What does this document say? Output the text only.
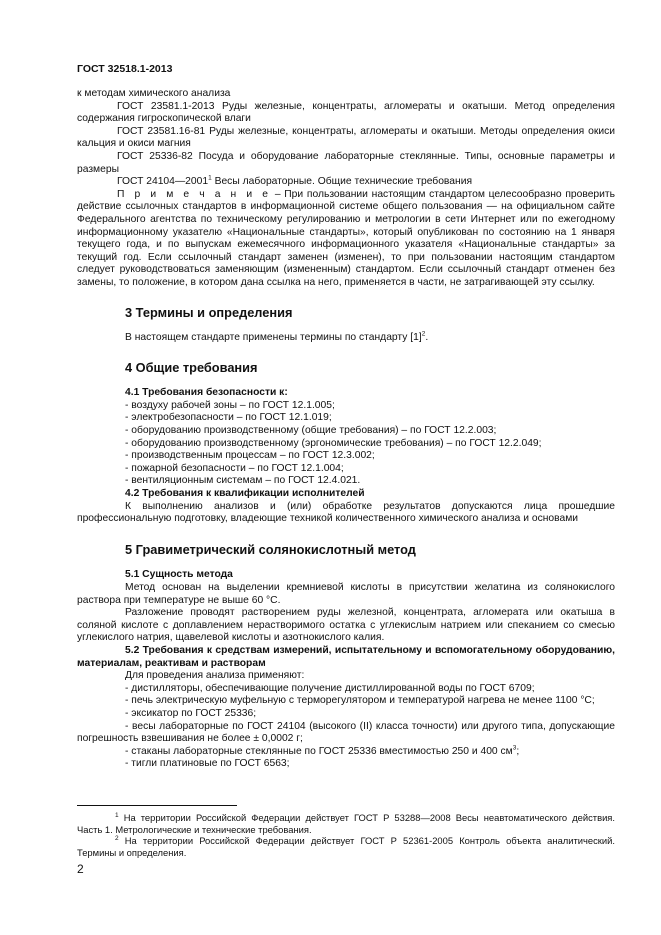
ГОСТ 32518.1-2013

к методам химического анализа

ГОСТ 23581.1-2013 Руды железные, концентраты, агломераты и окатыши. Метод определения содержания гигроскопической влаги

ГОСТ 23581.16-81 Руды железные, концентраты, агломераты и окатыши. Методы определения окиси кальция и окиси магния

ГОСТ 25336-82 Посуда и оборудование лабораторные стеклянные. Типы, основные параметры и размеры

ГОСТ 24104—2001$^1$ Весы лабораторные. Общие технические требования

П р и м е ч а н и е – При пользовании настоящим стандартом целесообразно проверить действие ссылочных стандартов в информационной системе общего пользования — на официальном сайте Федерального агентства по техническому регулированию и метрологии в сети Интернет или по ежегодному информационному указателю «Национальные стандарты», который опубликован по состоянию на 1 января текущего года, и по выпускам ежемесячного информационного указателя «Национальные стандарты» за текущий год. Если ссылочный стандарт заменен (изменен), то при пользовании настоящим стандартом следует руководствоваться заменяющим (измененным) стандартом. Если ссылочный стандарт отменен без замены, то положение, в котором дана ссылка на него, применяется в части, не затрагивающей эту ссылку.

3 Термины и определения

В настоящем стандарте применены термины по стандарту $[1]^2$.

4 Общие требования
4.1 Требования безопасности к:

- воздуху рабочей зоны – по ГОСТ 12.1.005;

- электробезопасности – по ГОСТ 12.1.019;

- оборудованию производственному (общие требования) – по ГОСТ 12.2.003;

- оборудованию производственному (эргономические требования) – по ГОСТ 12.2.049;

- производственным процессам – по ГОСТ 12.3.002;

- пожарной безопасности – по ГОСТ 12.1.004;

- вентиляционным системам – по ГОСТ 12.4.021.

4.2 Требования к квалификации исполнителей

К выполнению анализов и (или) обработке результатов допускаются лица прошедшие профессиональную подготовку, владеющие техникой количественного химического анализа и основами

5 Гравиметрический солянокислотный метод
5.1 Сущность метода

Метод основан на выделении кремниевой кислоты в присутствии желатина из солянокислого раствора при температуре не выше 60 °С.

Разложение проводят растворением руды железной, концентрата, агломерата или окатыша в соляной кислоте с доплавлением нерастворимого остатка с углекислым натрием или спеканием со смесью углекислого натрия, щавелевой кислоты и азотнокислого калия.

5.2 Требования к средствам измерений, испытательному и вспомогательному оборудованию, материалам, реактивам и растворам

Для проведения анализа применяют:

- дистилляторы, обеспечивающие получение дистиллированной воды по ГОСТ 6709;

- печь электрическую муфельную с терморегулятором и температурой нагрева не менее 1100 °С;

- эксикатор по ГОСТ 25336;

- весы лабораторные по ГОСТ 24104 (высокого (II) класса точности) или другого типа, допускающие погрешность взвешивания не более ± 0,0002 г;

- стаканы лабораторные стеклянные по ГОСТ 25336 вместимостью 250 и 400 $см^3$;

- тигли платиновые по ГОСТ 6563;

$^1$ На территории Российской Федерации действует ГОСТ Р 53288—2008 Весы неавтоматического действия. Часть 1. Метрологические и технические требования.

$^2$ На территории Российской Федерации действует ГОСТ Р 52361-2005 Контроль объекта аналитический. Термины и определения.

2
